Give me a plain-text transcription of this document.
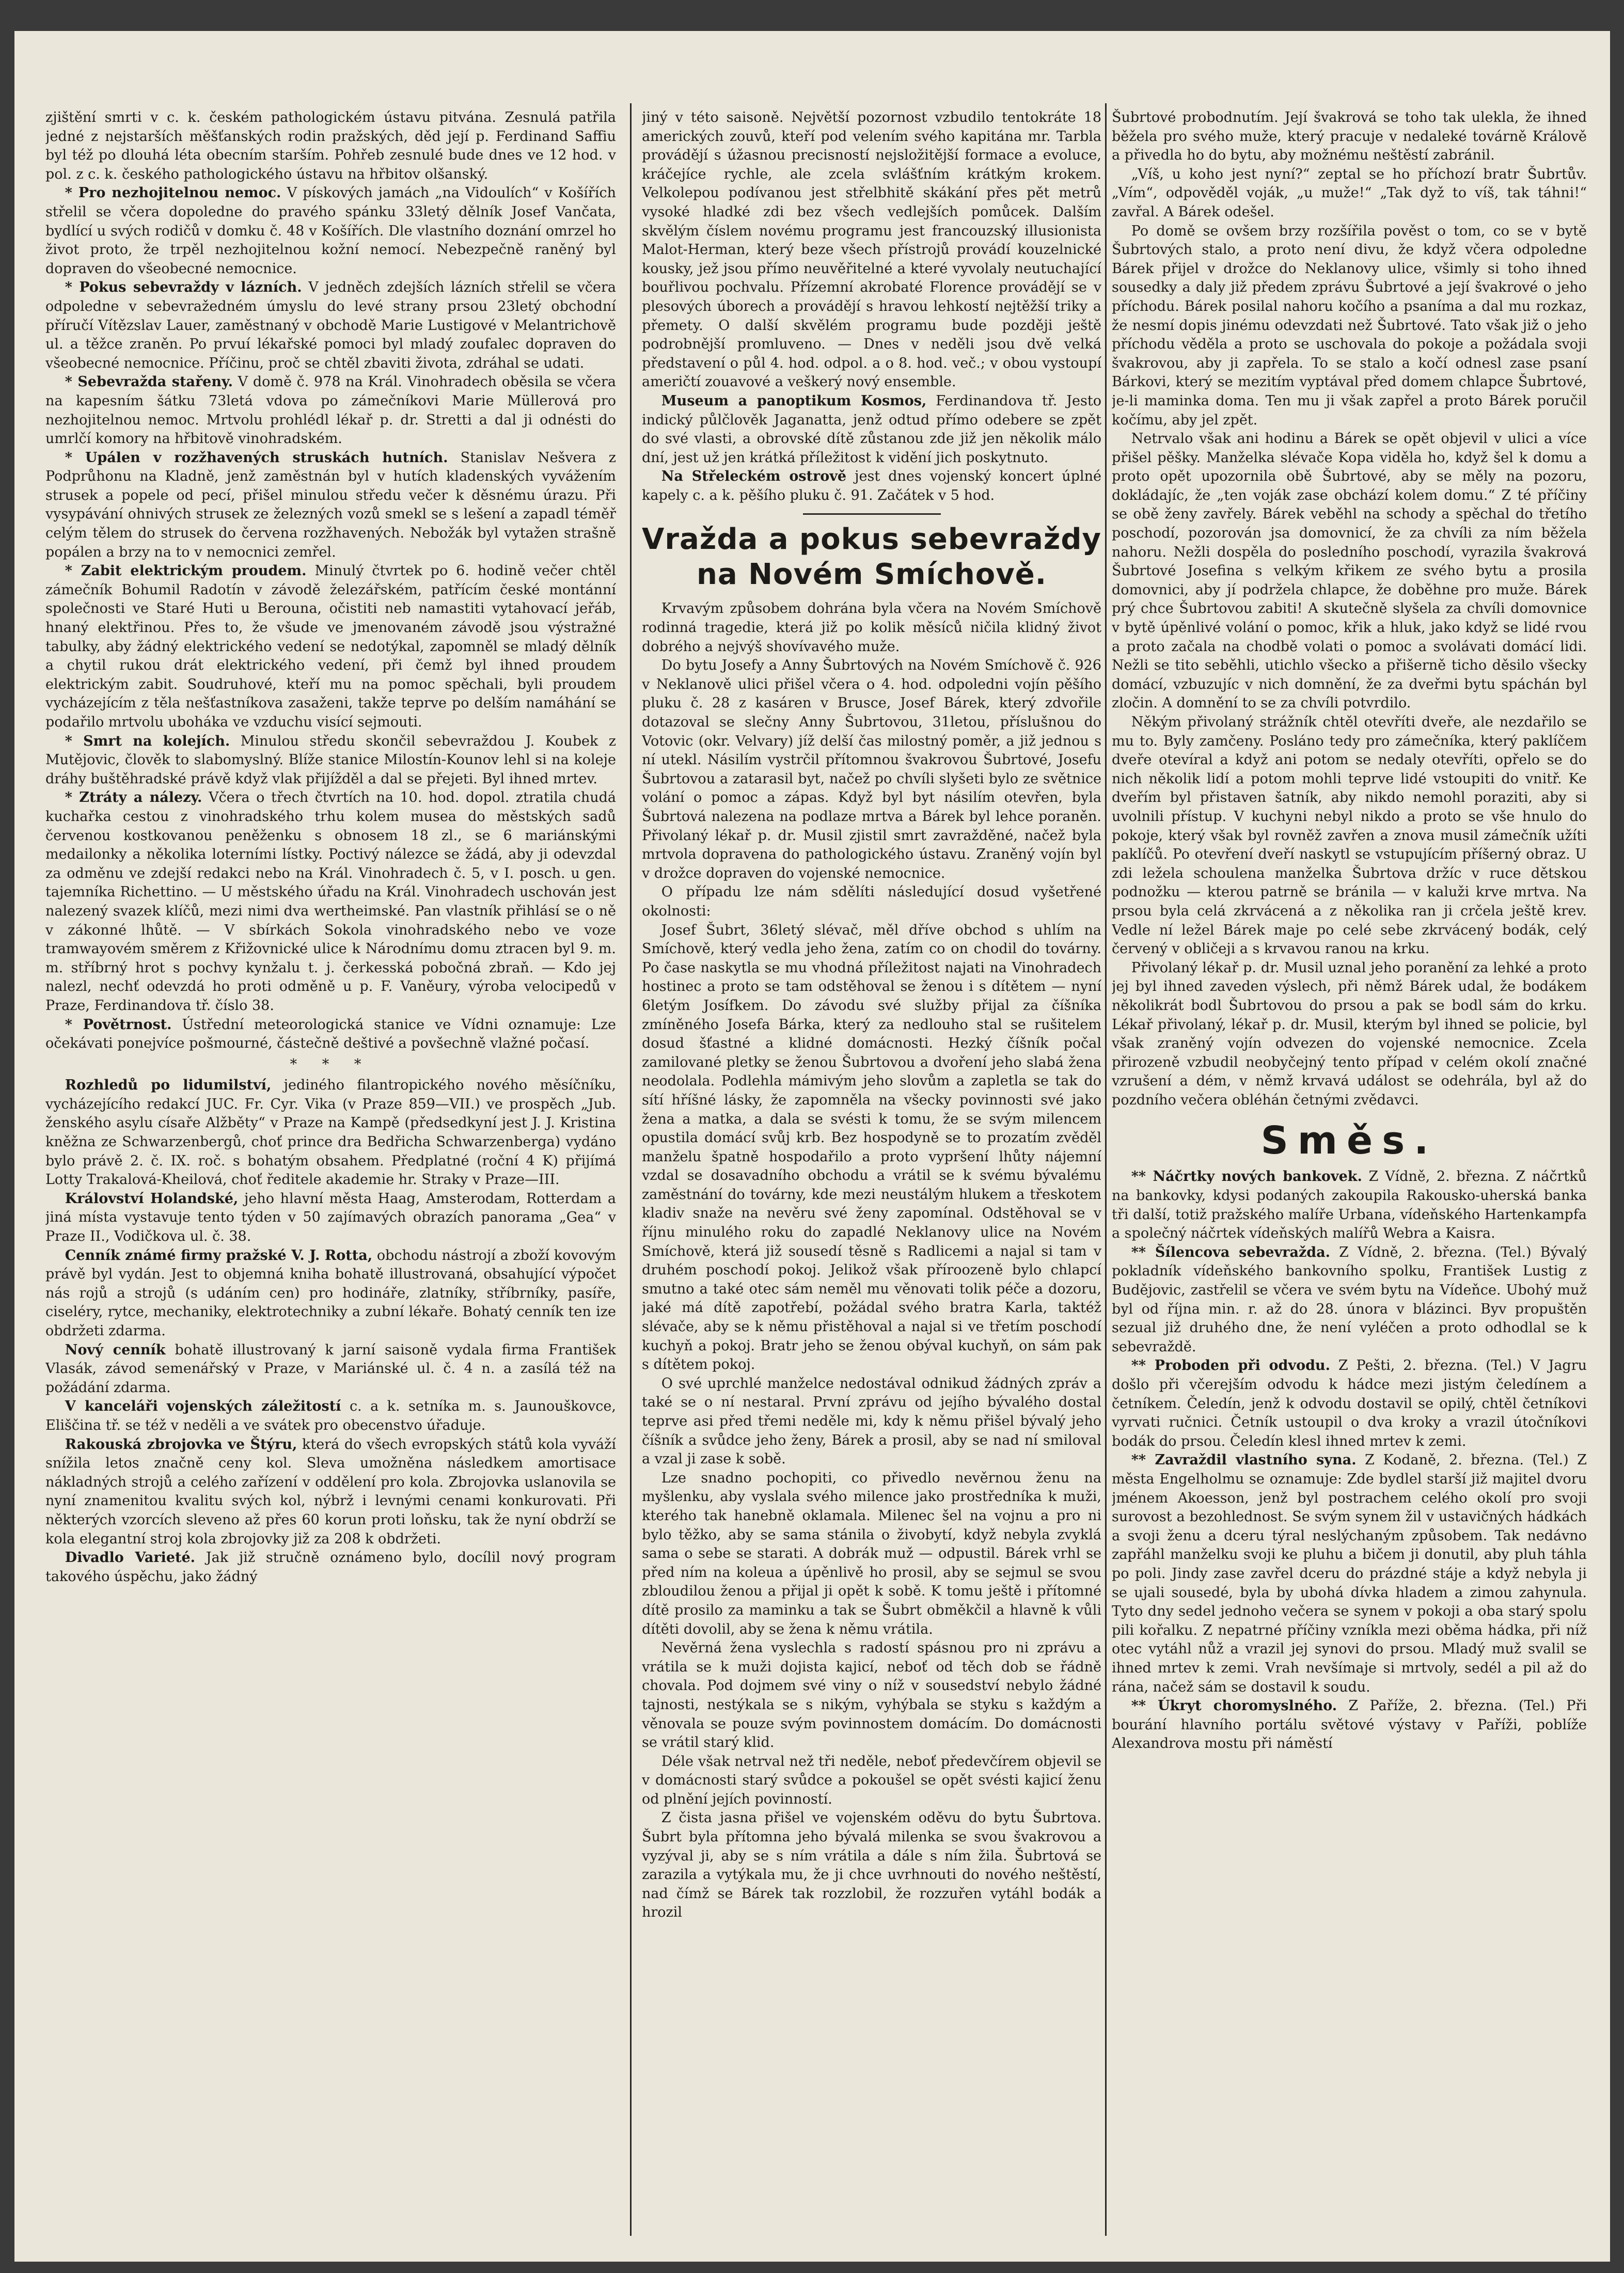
zjištění smrti v c. k. českém pathologickém ústavu pitvána. Zesnulá patřila jedné z nejstarších měšťanských rodin pražských, děd její p. Ferdinand Saffiu byl též po dlouhá léta obecním starším. Pohřeb zesnulé bude dnes ve 12 hod. v pol. z c. k. českého pathologického ústavu na hřbitov olšanský.

* Pro nezhojitelnou nemoc. V pískových jamách „na Vidoulích“ v Košířích střelil se včera dopoledne do pravého spánku 33letý dělník Josef Vančata, bydlící u svých rodičů v domku č. 48 v Košířích. Dle vlastního doznání omrzel ho život proto, že trpěl nezhojitelnou kožní nemocí. Nebezpečně raněný byl dopraven do všeobecné nemocnice.

* Pokus sebevraždy v lázních. V jedněch zdejších lázních střelil se včera odpoledne v sebevražedném úmyslu do levé strany prsou 23letý obchodní příručí Vítězslav Lauer, zaměstnaný v obchodě Marie Lustigové v Melantrichově ul. a těžce zraněn. Po prvuí lékařské pomoci byl mladý zoufalec dopraven do všeobecné nemocnice. Příčinu, proč se chtěl zbaviti života, zdráhal se udati.

* Sebevražda stařeny. V domě č. 978 na Král. Vinohradech oběsila se včera na kapesním šátku 73letá vdova po zámečníkovi Marie Müllerová pro nezhojitelnou nemoc. Mrtvolu prohlédl lékař p. dr. Stretti a dal ji odnésti do umrlčí komory na hřbitově vinohradském.

* Upálen v rozžhavených struskách hutních. Stanislav Nešvera z Podprůhonu na Kladně, jenž zaměstnán byl v hutích kladenských vyvážením strusek a popele od pecí, přišel minulou středu večer k děsnému úrazu. Při vysypávání ohnivých strusek ze železných vozů smekl se s lešení a zapadl téměř celým tělem do strusek do červena rozžhavených. Nebožák byl vytažen strašně popálen a brzy na to v nemocnici zemřel.

* Zabit elektrickým proudem. Minulý čtvrtek po 6. hodině večer chtěl zámečník Bohumil Radotín v závodě železářském, patřícím české montánní společnosti ve Staré Huti u Berouna, očistiti neb namastiti vytahovací jeřáb, hnaný elektřinou. Přes to, že všude ve jmenovaném závodě jsou výstražné tabulky, aby žádný elektrického vedení se nedotýkal, zapomněl se mladý dělník a chytil rukou drát elektrického vedení, při čemž byl ihned proudem elektrickým zabit. Soudruhové, kteří mu na pomoc spěchali, byli proudem vycházejícím z těla nešťastníkova zasaženi, takže teprve po delším namáhání se podařilo mrtvolu uboháka ve vzduchu visící sejmouti.

* Smrt na kolejích. Minulou středu skončil sebevraždou J. Koubek z Mutějovic, člověk to slabomyslný. Blíže stanice Milostín-Kounov lehl si na koleje dráhy buštěhradské právě když vlak přijížděl a dal se přejeti. Byl ihned mrtev.

* Ztráty a nálezy. Včera o třech čtvrtích na 10. hod. dopol. ztratila chudá kuchařka cestou z vinohradského trhu kolem musea do městských sadů červenou kostkovanou peněženku s obnosem 18 zl., se 6 mariánskými medailonky a několika loterními lístky. Poctivý nálezce se žádá, aby ji odevzdal za odměnu ve zdejší redakci nebo na Král. Vinohradech č. 5, v I. posch. u gen. tajemníka Richettino. — U městského úřadu na Král. Vinohradech uschován jest nalezený svazek klíčů, mezi nimi dva wertheimské. Pan vlastník přihlásí se o ně v zákonné lhůtě. — V sbírkách Sokola vinohradského nebo ve voze tramwayovém směrem z Křižovnické ulice k Národnímu domu ztracen byl 9. m. m. stříbrný hrot s pochvy kynžalu t. j. čerkesská pobočná zbraň. — Kdo jej nalezl, nechť odevzdá ho proti odměně u p. F. Vaněury, výroba velocipedů v Praze, Ferdinandova tř. číslo 38.

* Povětrnost. Ústřední meteorologická stanice ve Vídni oznamuje: Lze očekávati ponejvíce pošmourné, částečně deštivé a povšechně vlažné počasí.

* * *

Rozhledů po lidumilství, jediného filantropického nového měsíčníku, vycházejícího redakcí JUC. Fr. Cyr. Vika (v Praze 859—VII.) ve prospěch „Jub. ženského asylu císaře Alžběty“ v Praze na Kampě (předsedkyní jest J. J. Kristina kněžna ze Schwarzenbergů, choť prince dra Bedřicha Schwarzenberga) vydáno bylo právě 2. č. IX. roč. s bohatým obsahem. Předplatné (roční 4 K) přijímá Lotty Trakalová-Kheilová, choť ředitele akademie hr. Straky v Praze—III.

Království Holandské, jeho hlavní města Haag, Amsterodam, Rotterdam a jiná místa vystavuje tento týden v 50 zajímavých obrazích panorama „Gea“ v Praze II., Vodičkova ul. č. 38.

Cenník známé firmy pražské V. J. Rotta, obchodu nástrojí a zboží kovovým právě byl vydán. Jest to objemná kniha bohatě illustrovaná, obsahující výpočet nás rojů a strojů (s udáním cen) pro hodináře, zlatníky, stříbrníky, pasíře, ciseléry, rytce, mechaniky, elektrotechniky a zubní lékaře. Bohatý cenník ten ize obdržeti zdarma.

Nový cenník bohatě illustrovaný k jarní saisoně vydala firma František Vlasák, závod semenářský v Praze, v Mariánské ul. č. 4 n. a zasílá též na požádání zdarma.

V kanceláři vojenských záležitostí c. a k. setníka m. s. Jaunouškovce, Eliščina tř. se též v neděli a ve svátek pro obecenstvo úřaduje.

Rakouská zbrojovka ve Štýru, která do všech evropských států kola vyváží snížila letos značně ceny kol. Sleva umožněna následkem amortisace nákladných strojů a celého zařízení v oddělení pro kola. Zbrojovka uslanovila se nyní znamenitou kvalitu svých kol, nýbrž i levnými cenami konkurovati. Při některých vzorcích sleveno až přes 60 korun proti loňsku, tak že nyní obdrží se kola elegantní stroj kola zbrojovky již za 208 k obdržeti.

Divadlo Varieté. Jak již stručně oznámeno bylo, docílil nový program takového úspěchu, jako žádný

jiný v této saisoně. Největší pozornost vzbudilo tentokráte 18 amerických zouvů, kteří pod velením svého kapitána mr. Tarbla provádějí s úžasnou precisností nejsložitější formace a evoluce, kráčejíce rychle, ale zcela svlášťním krátkým krokem. Velkolepou podívanou jest střelbhitě skákání přes pět metrů vysoké hladké zdi bez všech vedlejších pomůcek. Dalším skvělým číslem novému programu jest francouzský illusionista Malot-Herman, který beze všech přístrojů provádí kouzelnické kousky, jež jsou přímo neuvěřitelné a které vyvolaly neutuchající bouřlivou pochvalu. Přízemní akrobaté Florence provádějí se v plesových úborech a provádějí s hravou lehkostí nejtěžší triky a přemety. O další skvělém programu bude později ještě podrobnější promluveno. — Dnes v neděli jsou dvě velká představení o půl 4. hod. odpol. a o 8. hod. več.; v obou vystoupí američtí zouavové a veškerý nový ensemble.

Museum a panoptikum Kosmos, Ferdinandova tř. Jesto indický půlčlověk Jaganatta, jenž odtud přímo odebere se zpět do své vlasti, a obrovské dítě zůstanou zde již jen několik málo dní, jest už jen krátká příležitost k vidění jich poskytnuto.

Na Střeleckém ostrově jest dnes vojenský koncert úplné kapely c. a k. pěšího pluku č. 91. Začátek v 5 hod.

Vražda a pokus sebevraždy na Novém Smíchově.

Krvavým způsobem dohrána byla včera na Novém Smíchově rodinná tragedie, která již po kolik měsíců ničila klidný život dobrého a nejvýš shovívavého muže.

Do bytu Josefy a Anny Šubrtových na Novém Smíchově č. 926 v Neklanově ulici přišel včera o 4. hod. odpoledni vojín pěšího pluku č. 28 z kasáren v Brusce, Josef Bárek, který zdvořile dotazoval se slečny Anny Šubrtovou, 31letou, příslušnou do Votovic (okr. Velvary) jíž delší čas milostný poměr, a již jednou s ní utekl. Násilím vystrčil přítomnou švakrovou Šubrtové, Josefu Šubrtovou a zatarasil byt, načež po chvíli slyšeti bylo ze světnice volání o pomoc a zápas. Když byl byt násilím otevřen, byla Šubrtová nalezena na podlaze mrtva a Bárek byl lehce poraněn. Přivolaný lékař p. dr. Musil zjistil smrt zavražděné, načež byla mrtvola dopravena do pathologického ústavu. Zraněný vojín byl v drožce dopraven do vojenské nemocnice.

O případu lze nám sdělíti následující dosud vyšetřené okolnosti:

Josef Šubrt, 36letý slévač, měl dříve obchod s uhlím na Smíchově, který vedla jeho žena, zatím co on chodil do továrny. Po čase naskytla se mu vhodná příležitost najati na Vinohradech hostinec a proto se tam odstěhoval se ženou i s dítětem — nyní 6letým Josífkem. Do závodu své služby přijal za číšníka zmíněného Josefa Bárka, který za nedlouho stal se rušitelem dosud šťastné a klidné domácnosti. Hezký číšník počal zamilované pletky se ženou Šubrtovou a dvoření jeho slabá žena neodolala. Podlehla mámivým jeho slovům a zapletla se tak do sítí hříšné lásky, že zapomněla na všecky povinnosti své jako žena a matka, a dala se svésti k tomu, že se svým milencem opustila domácí svůj krb. Bez hospodyně se to prozatím zvěděl manželu špatně hospodařilo a proto vypršení lhůty nájemní vzdal se dosavadního obchodu a vrátil se k svému bývalému zaměstnání do továrny, kde mezi neustálým hlukem a třeskotem kladiv snaže na nevěru své ženy zapomínal. Odstěhoval se v říjnu minulého roku do zapadlé Neklanovy ulice na Novém Smíchově, která již sousedí těsně s Radlicemi a najal si tam v druhém poschodí pokoj. Jelikož však příroozeně bylo chlapcí smutno a také otec sám neměl mu věnovati tolik péče a dozoru, jaké má dítě zapotřebí, požádal svého bratra Karla, taktéž slévače, aby se k němu přistěhoval a najal si ve třetím poschodí kuchyň a pokoj. Bratr jeho se ženou obýval kuchyň, on sám pak s dítětem pokoj.

O své uprchlé manželce nedostával odnikud žádných zpráv a také se o ní nestaral. První zprávu od jejího bývalého dostal teprve asi před třemi neděle mi, kdy k němu přišel bývalý jeho číšník a svůdce jeho ženy, Bárek a prosil, aby se nad ní smiloval a vzal ji zase k sobě.

Lze snadno pochopiti, co přivedlo nevěrnou ženu na myšlenku, aby vyslala svého milence jako prostředníka k muži, kterého tak hanebně oklamala. Milenec šel na vojnu a pro ni bylo těžko, aby se sama stánila o živobytí, když nebyla zvyklá sama o sebe se starati. A dobrák muž — odpustil. Bárek vrhl se před ním na koleua a úpěnlivě ho prosil, aby se sejmul se svou zbloudilou ženou a přijal ji opět k sobě. K tomu ještě i přítomné dítě prosilo za maminku a tak se Šubrt obměkčil a hlavně k vůli dítěti dovolil, aby se žena k němu vrátila.

Nevěrná žena vyslechla s radostí spásnou pro ni zprávu a vrátila se k muži dojista kajicí, neboť od těch dob se řádně chovala. Pod dojmem své viny o níž v sousedství nebylo žádné tajnosti, nestýkala se s nikým, vyhýbala se styku s každým a věnovala se pouze svým povinnostem domácím. Do domácnosti se vrátil starý klid.

Déle však netrval než tři neděle, neboť předevčírem objevil se v domácnosti starý svůdce a pokoušel se opět svésti kajicí ženu od plnění jejích povinností.

Z čista jasna přišel ve vojenském oděvu do bytu Šubrtova. Šubrt byla přítomna jeho bývalá milenka se svou švakrovou a vyzýval ji, aby se s ním vrátila a dále s ním žila. Šubrtová se zarazila a vytýkala mu, že ji chce uvrhnouti do nového neštěstí, nad čímž se Bárek tak rozzlobil, že rozzuřen vytáhl bodák a hrozil

Šubrtové probodnutím. Její švakrová se toho tak ulekla, že ihned běžela pro svého muže, který pracuje v nedaleké továrně Králově a přivedla ho do bytu, aby možnému neštěstí zabránil.

„Víš, u koho jest nyní?“ zeptal se ho příchozí bratr Šubrtův. „Vím“, odpověděl voják, „u muže!“ „Tak dyž to víš, tak táhni!“ zavřal. A Bárek odešel.

Po domě se ovšem brzy rozšířila pověst o tom, co se v bytě Šubrtových stalo, a proto není divu, že když včera odpoledne Bárek přijel v drožce do Neklanovy ulice, všimly si toho ihned sousedky a daly již předem zprávu Šubrtové a její švakrové o jeho příchodu. Bárek posilal nahoru kočího a psaníma a dal mu rozkaz, že nesmí dopis jinému odevzdati než Šubrtové. Tato však již o jeho příchodu věděla a proto se uschovala do pokoje a požádala svoji švakrovou, aby ji zapřela. To se stalo a kočí odnesl zase psaní Bárkovi, který se mezitím vyptával před domem chlapce Šubrtové, je-li maminka doma. Ten mu ji však zapřel a proto Bárek poručil kočímu, aby jel zpět.

Netrvalo však ani hodinu a Bárek se opět objevil v ulici a více přišel pěšky. Manželka slévače Kopa viděla ho, když šel k domu a proto opět upozornila obě Šubrtové, aby se měly na pozoru, dokládajíc, že „ten voják zase obchází kolem domu.“ Z té příčiny se obě ženy zavřely. Bárek veběhl na schody a spěchal do třetího poschodí, pozorován jsa domovnicí, že za chvíli za ním běžela nahoru. Nežli dospěla do posledního poschodí, vyrazila švakrová Šubrtové Josefina s velkým křikem ze svého bytu a prosila domovnici, aby jí podržela chlapce, že doběhne pro muže. Bárek prý chce Šubrtovou zabiti! A skutečně slyšela za chvíli domovnice v bytě úpěnlivé volání o pomoc, křik a hluk, jako když se lidé rvou a proto začala na chodbě volati o pomoc a svolávati domácí lidi. Nežli se tito seběhli, utichlo všecko a přišerně ticho děsilo všecky domácí, vzbuzujíc v nich domnění, že za dveřmi bytu spáchán byl zločin. A domnění to se za chvíli potvrdilo.

Někým přivolaný strážník chtěl otevříti dveře, ale nezdařilo se mu to. Byly zamčeny. Posláno tedy pro zámečníka, který paklíčem dveře otevíral a když ani potom se nedaly otevříti, opřelo se do nich několik lidí a potom mohli teprve lidé vstoupiti do vnitř. Ke dveřím byl přistaven šatník, aby nikdo nemohl poraziti, aby si uvolnili přístup. V kuchyni nebyl nikdo a proto se vše hnulo do pokoje, který však byl rovněž zavřen a znova musil zámečník užíti paklíčů. Po otevření dveří naskytl se vstupujícím příšerný obraz. U zdi ležela schoulena manželka Šubrtova držíc v ruce dětskou podnožku — kterou patrně se bránila — v kaluži krve mrtva. Na prsou byla celá zkrvácená a z několika ran ji crčela ještě krev. Vedle ní ležel Bárek maje po celé sebe zkrvácený bodák, celý červený v obličeji a s krvavou ranou na krku.

Přivolaný lékař p. dr. Musil uznal jeho poranění za lehké a proto jej byl ihned zaveden výslech, při němž Bárek udal, že bodákem několikrát bodl Šubrtovou do prsou a pak se bodl sám do krku. Lékař přivolaný, lékař p. dr. Musil, kterým byl ihned se policie, byl však zraněný vojín odvezen do vojenské nemocnice. Zcela přirozeně vzbudil neobyčejný tento případ v celém okolí značné vzrušení a dém, v němž krvavá událost se odehrála, byl až do pozdního večera obléhán četnými zvědavci.

Směs.

** Náčrtky nových bankovek. Z Vídně, 2. března. Z náčrtků na bankovky, kdysi podaných zakoupila Rakousko-uherská banka tři další, totiž pražského malíře Urbana, vídeňského Hartenkampfa a společný náčrtek vídeňských malířů Webra a Kaisra.

** Šílencova sebevražda. Z Vídně, 2. března. (Tel.) Bývalý pokladník vídeňského bankovního spolku, František Lustig z Budějovic, zastřelil se včera ve svém bytu na Vídeňce. Ubohý muž byl od října min. r. až do 28. února v blázinci. Byv propuštěn sezual již druhého dne, že není vyléčen a proto odhodlal se k sebevraždě.

** Proboden při odvodu. Z Pešti, 2. března. (Tel.) V Jagru došlo při včerejším odvodu k hádce mezi jistým čeledínem a četníkem. Čeledín, jenž k odvodu dostavil se opilý, chtěl četníkovi vyrvati ručnici. Četník ustoupil o dva kroky a vrazil útočníkovi bodák do prsou. Čeledín klesl ihned mrtev k zemi.

** Zavraždil vlastního syna. Z Kodaně, 2. března. (Tel.) Z města Engelholmu se oznamuje: Zde bydlel starší již majitel dvoru jménem Akoesson, jenž byl postrachem celého okolí pro svoji surovost a bezohlednost. Se svým synem žil v ustavičných hádkách a svoji ženu a dceru týral neslýchaným způsobem. Tak nedávno zapřáhl manželku svoji ke pluhu a bičem ji donutil, aby pluh táhla po poli. Jindy zase zavřel dceru do prázdné stáje a když nebyla ji se ujali sousedé, byla by ubohá dívka hladem a zimou zahynula. Tyto dny sedel jednoho večera se synem v pokoji a oba starý spolu pili kořalku. Z nepatrné příčiny vzníkla mezi oběma hádka, při níž otec vytáhl nůž a vrazil jej synovi do prsou. Mladý muž svalil se ihned mrtev k zemi. Vrah nevšímaje si mrtvoly, sedél a pil až do rána, načež sám se dostavil k soudu.

** Úkryt choromyslného. Z Paříže, 2. března. (Tel.) Při bourání hlavního portálu světové výstavy v Paříži, poblíže Alexandrova mostu při náměstí
